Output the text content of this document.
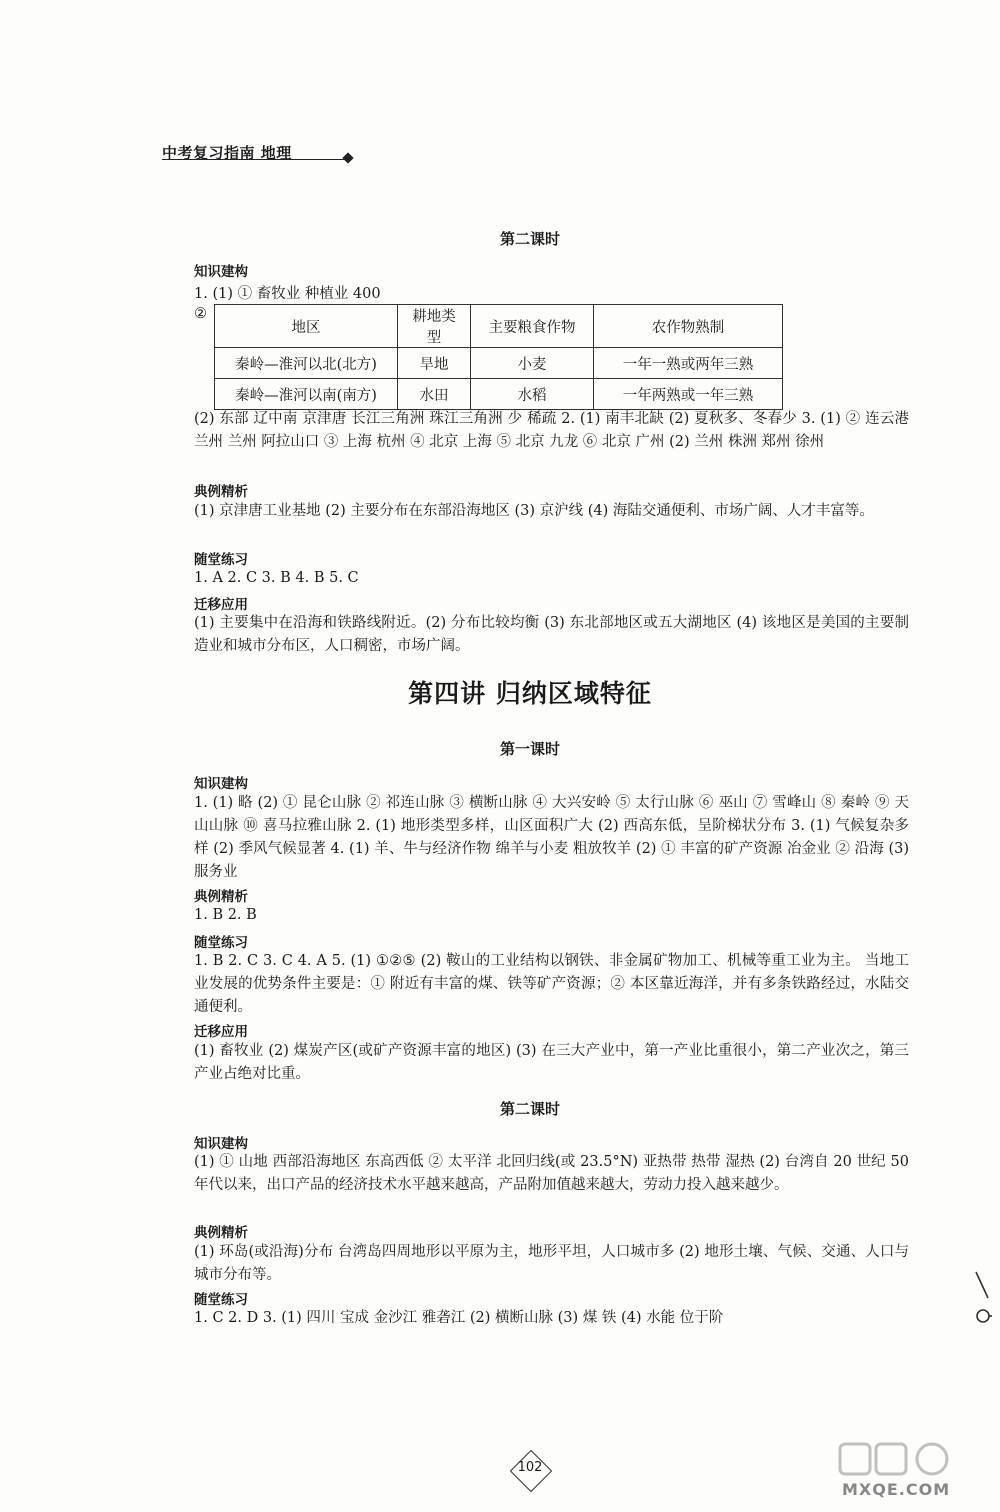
中考复习指南 地理
第二课时
知识建构
1. (1) ① 畜牧业 种植业 400
②
地区	耕地类型	主要粮食作物	农作物熟制
秦岭—淮河以北(北方)	旱地	小麦	一年一熟或两年三熟
秦岭—淮河以南(南方)	水田	水稻	一年两熟或一年三熟
(2) 东部 辽中南 京津唐 长江三角洲 珠江三角洲 少 稀疏 2. (1) 南丰北缺 (2) 夏秋多、冬春少 3. (1) ② 连云港 兰州 兰州 阿拉山口 ③ 上海 杭州 ④ 北京 上海 ⑤ 北京 九龙 ⑥ 北京 广州 (2) 兰州 株洲 郑州 徐州
典例精析
(1) 京津唐工业基地 (2) 主要分布在东部沿海地区 (3) 京沪线 (4) 海陆交通便利、市场广阔、人才丰富等。
随堂练习
1. A 2. C 3. B 4. B 5. C
迁移应用
(1) 主要集中在沿海和铁路线附近。(2) 分布比较均衡 (3) 东北部地区或五大湖地区 (4) 该地区是美国的主要制造业和城市分布区，人口稠密，市场广阔。
第四讲 归纳区域特征
第一课时
知识建构
1. (1) 略 (2) ① 昆仑山脉 ② 祁连山脉 ③ 横断山脉 ④ 大兴安岭 ⑤ 太行山脉 ⑥ 巫山 ⑦ 雪峰山 ⑧ 秦岭 ⑨ 天山山脉 ⑩ 喜马拉雅山脉 2. (1) 地形类型多样，山区面积广大 (2) 西高东低，呈阶梯状分布 3. (1) 气候复杂多样 (2) 季风气候显著 4. (1) 羊、牛与经济作物 绵羊与小麦 粗放牧羊 (2) ① 丰富的矿产资源 冶金业 ② 沿海 (3) 服务业
典例精析
1. B 2. B
随堂练习
1. B 2. C 3. C 4. A 5. (1) ①②⑤ (2) 鞍山的工业结构以钢铁、非金属矿物加工、机械等重工业为主。 当地工业发展的优势条件主要是：① 附近有丰富的煤、铁等矿产资源；② 本区靠近海洋，并有多条铁路经过，水陆交通便利。
迁移应用
(1) 畜牧业 (2) 煤炭产区(或矿产资源丰富的地区) (3) 在三大产业中，第一产业比重很小，第二产业次之，第三产业占绝对比重。
第二课时
知识建构
(1) ① 山地 西部沿海地区 东高西低 ② 太平洋 北回归线(或 23.5°N) 亚热带 热带 湿热 (2) 台湾自 20 世纪 50 年代以来，出口产品的经济技术水平越来越高，产品附加值越来越大，劳动力投入越来越少。
典例精析
(1) 环岛(或沿海)分布 台湾岛四周地形以平原为主，地形平坦，人口城市多 (2) 地形土壤、气候、交通、人口与城市分布等。
随堂练习
1. C 2. D 3. (1) 四川 宝成 金沙江 雅砻江 (2) 横断山脉 (3) 煤 铁 (4) 水能 位于阶
102
MXQE.COM
